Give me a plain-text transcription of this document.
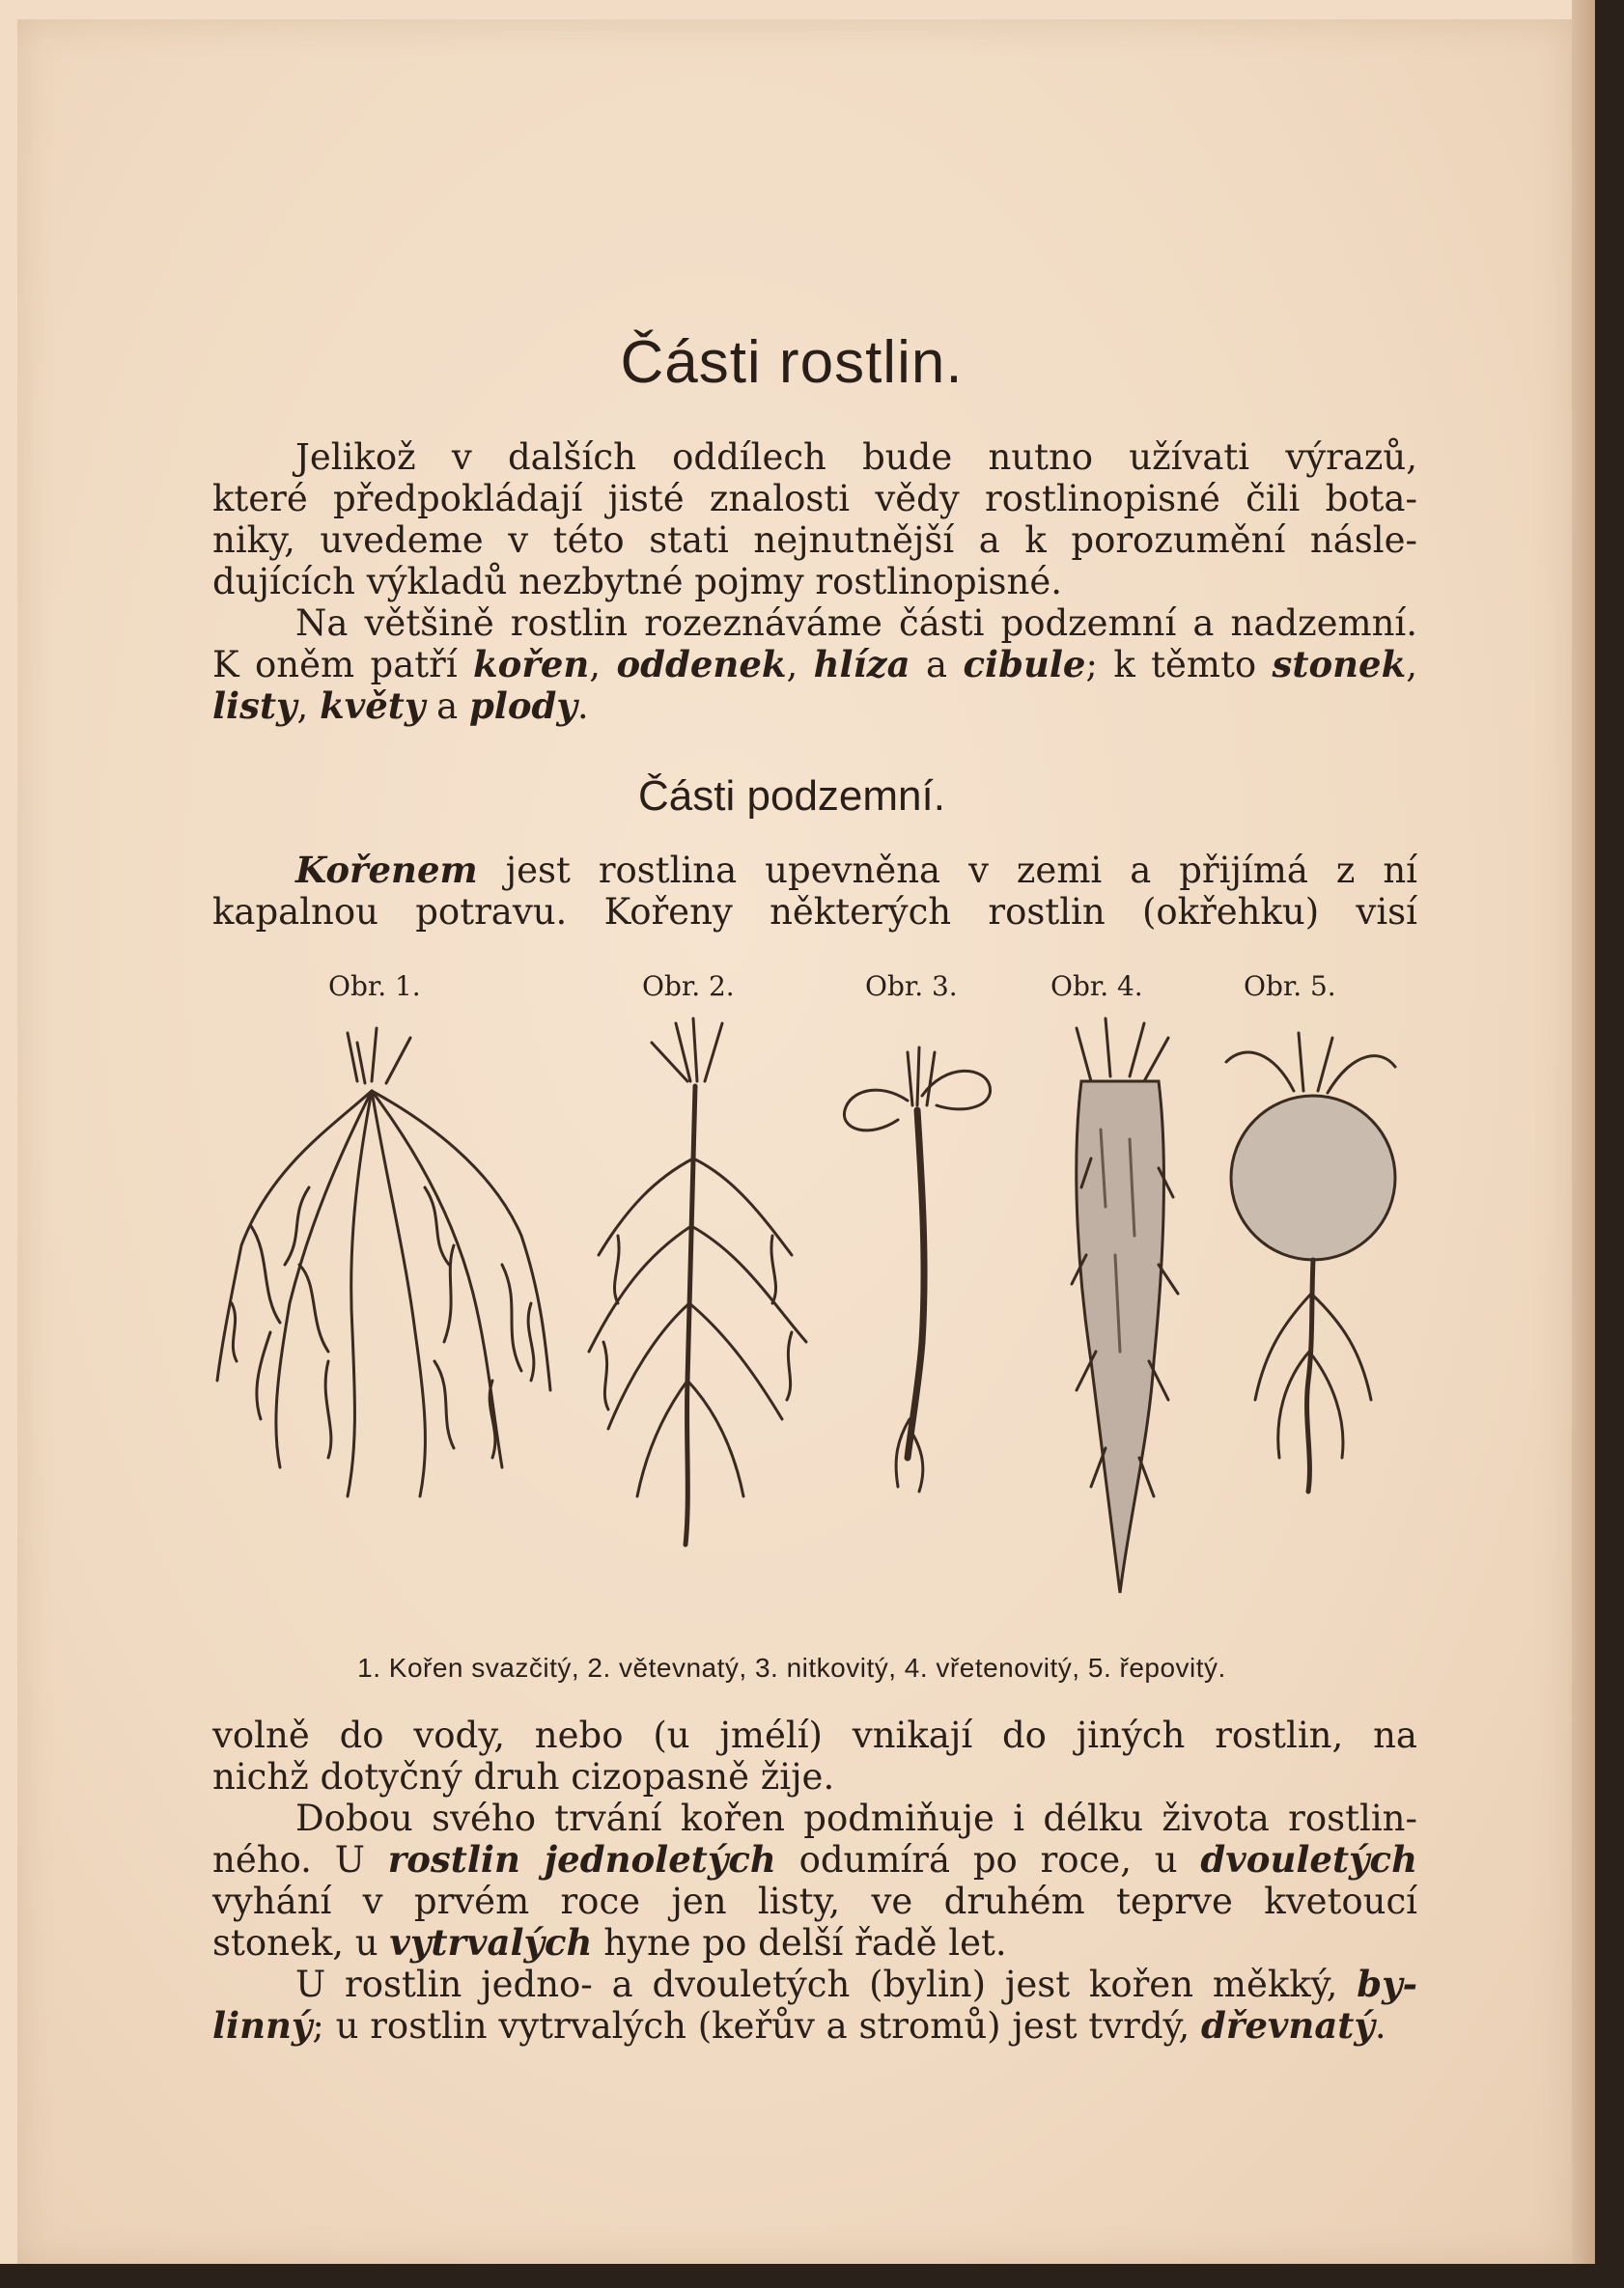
Části rostlin.
Jelikož v dalších oddílech bude nutno užívati výrazů,
které předpokládají jisté znalosti vědy rostlinopisné čili bota-
niky, uvedeme v této stati nejnutnější a k porozumění násle-
dujících výkladů nezbytné pojmy rostlinopisné.
Na většině rostlin rozeznáváme části podzemní a nadzemní.
K oněm patří kořen, oddenek, hlíza a cibule; k těmto stonek,
listy, květy a plody.
Části podzemní.
Kořenem jest rostlina upevněna v zemi a přijímá z ní
kapalnou potravu. Kořeny některých rostlin (okřehku) visí
Obr. 1.	Obr. 2.	Obr. 3.	Obr. 4.	Obr. 5.
1. Kořen svazčitý, 2. větevnatý, 3. nitkovitý, 4. vřetenovitý, 5. řepovitý.
volně do vody, nebo (u jmélí) vnikají do jiných rostlin, na
nichž dotyčný druh cizopasně žije.
Dobou svého trvání kořen podmiňuje i délku života rostlin-
ného. U rostlin jednoletých odumírá po roce, u dvouletých
vyhání v prvém roce jen listy, ve druhém teprve kvetoucí
stonek, u vytrvalých hyne po delší řadě let.
U rostlin jedno- a dvouletých (bylin) jest kořen měkký, by-
linný; u rostlin vytrvalých (keřův a stromů) jest tvrdý, dřevnatý.
